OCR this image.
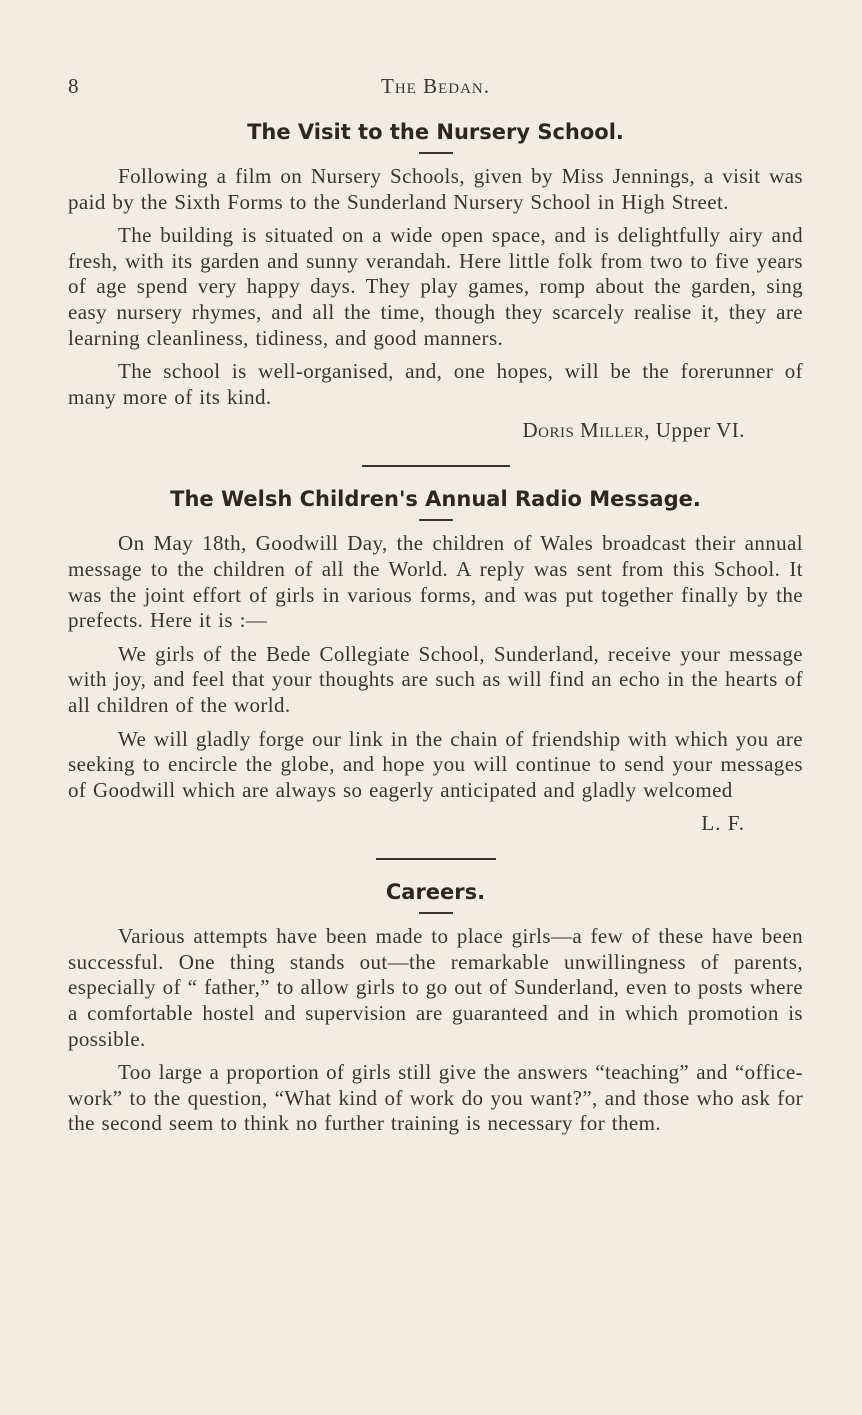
8	The Bedan.
The Visit to the Nursery School.

Following a film on Nursery Schools, given by Miss Jennings, a visit was paid by the Sixth Forms to the Sunderland Nursery School in High Street.

The building is situated on a wide open space, and is delightfully airy and fresh, with its garden and sunny verandah. Here little folk from two to five years of age spend very happy days. They play games, romp about the garden, sing easy nursery rhymes, and all the time, though they scarcely realise it, they are learning cleanliness, tidiness, and good manners.

The school is well-organised, and, one hopes, will be the forerunner of many more of its kind.

Doris Miller, Upper VI.
The Welsh Children's Annual Radio Message.

On May 18th, Goodwill Day, the children of Wales broadcast their annual message to the children of all the World. A reply was sent from this School. It was the joint effort of girls in various forms, and was put together finally by the prefects. Here it is :—

We girls of the Bede Collegiate School, Sunderland, receive your message with joy, and feel that your thoughts are such as will find an echo in the hearts of all children of the world.

We will gladly forge our link in the chain of friendship with which you are seeking to encircle the globe, and hope you will continue to send your messages of Goodwill which are always so eagerly anticipated and gladly welcomed

L. F.
Careers.

Various attempts have been made to place girls—a few of these have been successful. One thing stands out—the remarkable unwillingness of parents, especially of “ father,” to allow girls to go out of Sunderland, even to posts where a comfortable hostel and supervision are guaranteed and in which promotion is possible.

Too large a proportion of girls still give the answers “teaching” and “office-work” to the question, “What kind of work do you want?”, and those who ask for the second seem to think no further training is necessary for them.
